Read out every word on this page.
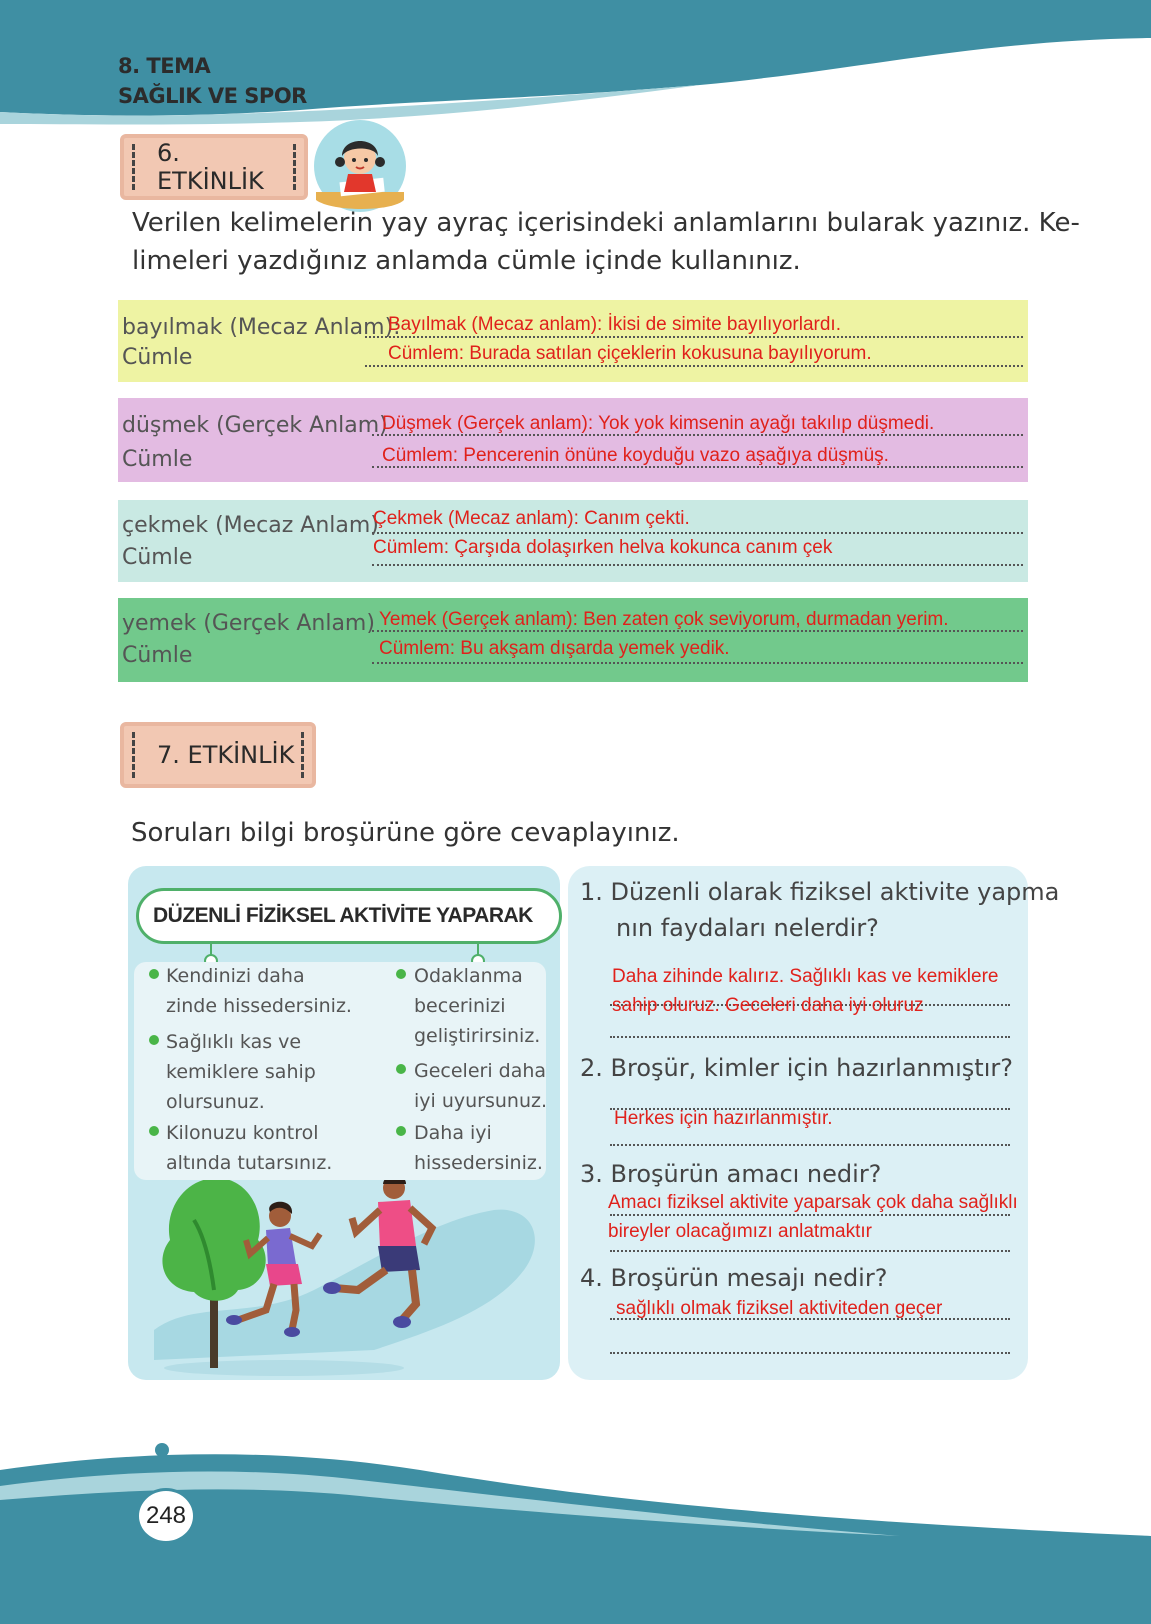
8. TEMA
SAĞLIK VE SPOR
6. ETKİNLİK
Verilen kelimelerin yay ayraç içerisindeki anlamlarını bularak yazınız. Ke-
limeleri yazdığınız anlamda cümle içinde kullanınız.
bayılmak (Mecaz Anlam):
Cümle
Bayılmak (Mecaz anlam): İkisi de simite bayılıyorlardı.
Cümlem: Burada satılan çiçeklerin kokusuna bayılıyorum.
düşmek (Gerçek Anlam)
Cümle
Düşmek (Gerçek anlam): Yok yok kimsenin ayağı takılıp düşmedi.
Cümlem: Pencerenin önüne koyduğu vazo aşağıya düşmüş.
çekmek (Mecaz Anlam)
Cümle
Çekmek (Mecaz anlam): Canım çekti.
Cümlem: Çarşıda dolaşırken helva kokunca canım çek
yemek (Gerçek Anlam)
Cümle
Yemek (Gerçek anlam): Ben zaten çok seviyorum, durmadan yerim.
Cümlem: Bu akşam dışarda yemek yedik.
7. ETKİNLİK
Soruları bilgi broşürüne göre cevaplayınız.
DÜZENLİ FİZİKSEL AKTİVİTE YAPARAK
Kendinizi daha
zinde hissedersiniz.
Sağlıklı kas ve
kemiklere sahip
olursunuz.
Kilonuzu kontrol
altında tutarsınız.
Odaklanma
becerinizi
geliştirirsiniz.
Geceleri daha
iyi uyursunuz.
Daha iyi
hissedersiniz.
1. Düzenli olarak fiziksel aktivite yapma
nın faydaları nelerdir?
Daha zihinde kalırız. Sağlıklı kas ve kemiklere
sahip oluruz. Geceleri daha iyi oluruz
2. Broşür, kimler için hazırlanmıştır?
Herkes için hazırlanmıştır.
3. Broşürün amacı nedir?
Amacı fiziksel aktivite yaparsak çok daha sağlıklı
bireyler olacağımızı anlatmaktır
4. Broşürün mesajı nedir?
sağlıklı olmak fiziksel aktiviteden geçer
248
